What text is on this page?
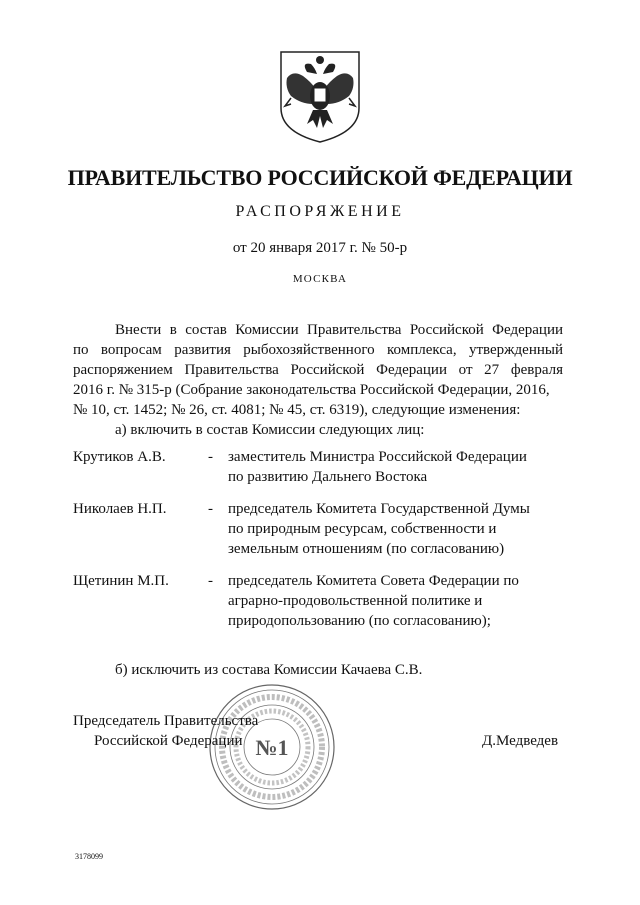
ПРАВИТЕЛЬСТВО РОССИЙСКОЙ ФЕДЕРАЦИИ
РАСПОРЯЖЕНИЕ
от 20 января 2017 г. № 50-р
МОСКВА
Внести в состав Комиссии Правительства Российской Федерации
по вопросам развития рыбохозяйственного комплекса, утвержденный
распоряжением Правительства Российской Федерации от 27 февраля
2016 г. № 315-р (Собрание законодательства Российской Федерации, 2016,
№ 10, ст. 1452; № 26, ст. 4081; № 45, ст. 6319), следующие изменения:
а) включить в состав Комиссии следующих лиц:
Крутиков А.В.	- заместитель Министра Российской Федерации
по развитию Дальнего Востока
Николаев Н.П.	- председатель Комитета Государственной Думы
по природным ресурсам, собственности и
земельным отношениям (по согласованию)
Щетинин М.П.	- председатель Комитета Совета Федерации по
аграрно-продовольственной политике и
природопользованию (по согласованию);
б) исключить из состава Комиссии Качаева С.В.
№1
Председатель Правительства
Российской Федерации	Д.Медведев
3178099
